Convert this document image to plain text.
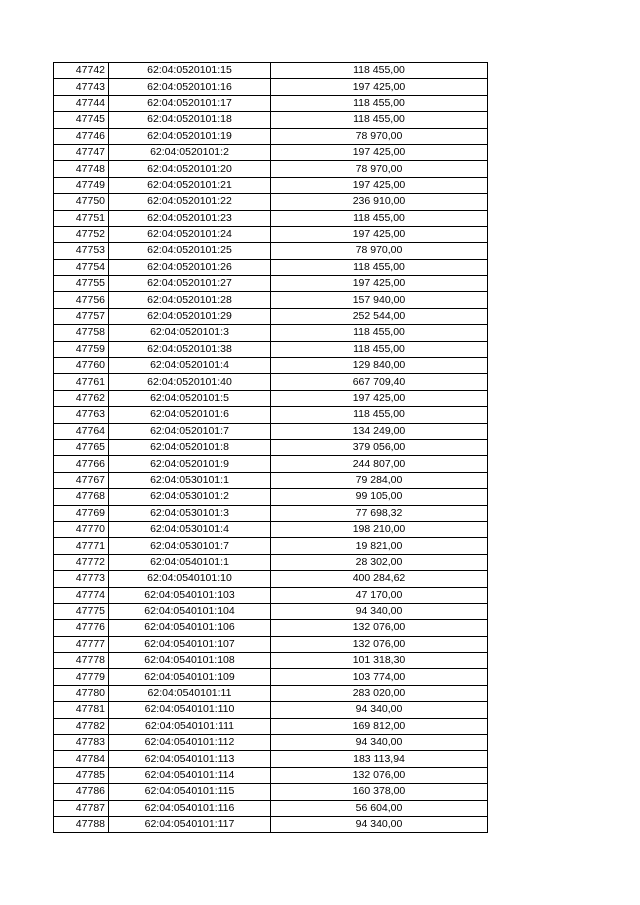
47742	62:04:0520101:15	118 455,00
47743	62:04:0520101:16	197 425,00
47744	62:04:0520101:17	118 455,00
47745	62:04:0520101:18	118 455,00
47746	62:04:0520101:19	78 970,00
47747	62:04:0520101:2	197 425,00
47748	62:04:0520101:20	78 970,00
47749	62:04:0520101:21	197 425,00
47750	62:04:0520101:22	236 910,00
47751	62:04:0520101:23	118 455,00
47752	62:04:0520101:24	197 425,00
47753	62:04:0520101:25	78 970,00
47754	62:04:0520101:26	118 455,00
47755	62:04:0520101:27	197 425,00
47756	62:04:0520101:28	157 940,00
47757	62:04:0520101:29	252 544,00
47758	62:04:0520101:3	118 455,00
47759	62:04:0520101:38	118 455,00
47760	62:04:0520101:4	129 840,00
47761	62:04:0520101:40	667 709,40
47762	62:04:0520101:5	197 425,00
47763	62:04:0520101:6	118 455,00
47764	62:04:0520101:7	134 249,00
47765	62:04:0520101:8	379 056,00
47766	62:04:0520101:9	244 807,00
47767	62:04:0530101:1	79 284,00
47768	62:04:0530101:2	99 105,00
47769	62:04:0530101:3	77 698,32
47770	62:04:0530101:4	198 210,00
47771	62:04:0530101:7	19 821,00
47772	62:04:0540101:1	28 302,00
47773	62:04:0540101:10	400 284,62
47774	62:04:0540101:103	47 170,00
47775	62:04:0540101:104	94 340,00
47776	62:04:0540101:106	132 076,00
47777	62:04:0540101:107	132 076,00
47778	62:04:0540101:108	101 318,30
47779	62:04:0540101:109	103 774,00
47780	62:04:0540101:11	283 020,00
47781	62:04:0540101:110	94 340,00
47782	62:04:0540101:111	169 812,00
47783	62:04:0540101:112	94 340,00
47784	62:04:0540101:113	183 113,94
47785	62:04:0540101:114	132 076,00
47786	62:04:0540101:115	160 378,00
47787	62:04:0540101:116	56 604,00
47788	62:04:0540101:117	94 340,00
